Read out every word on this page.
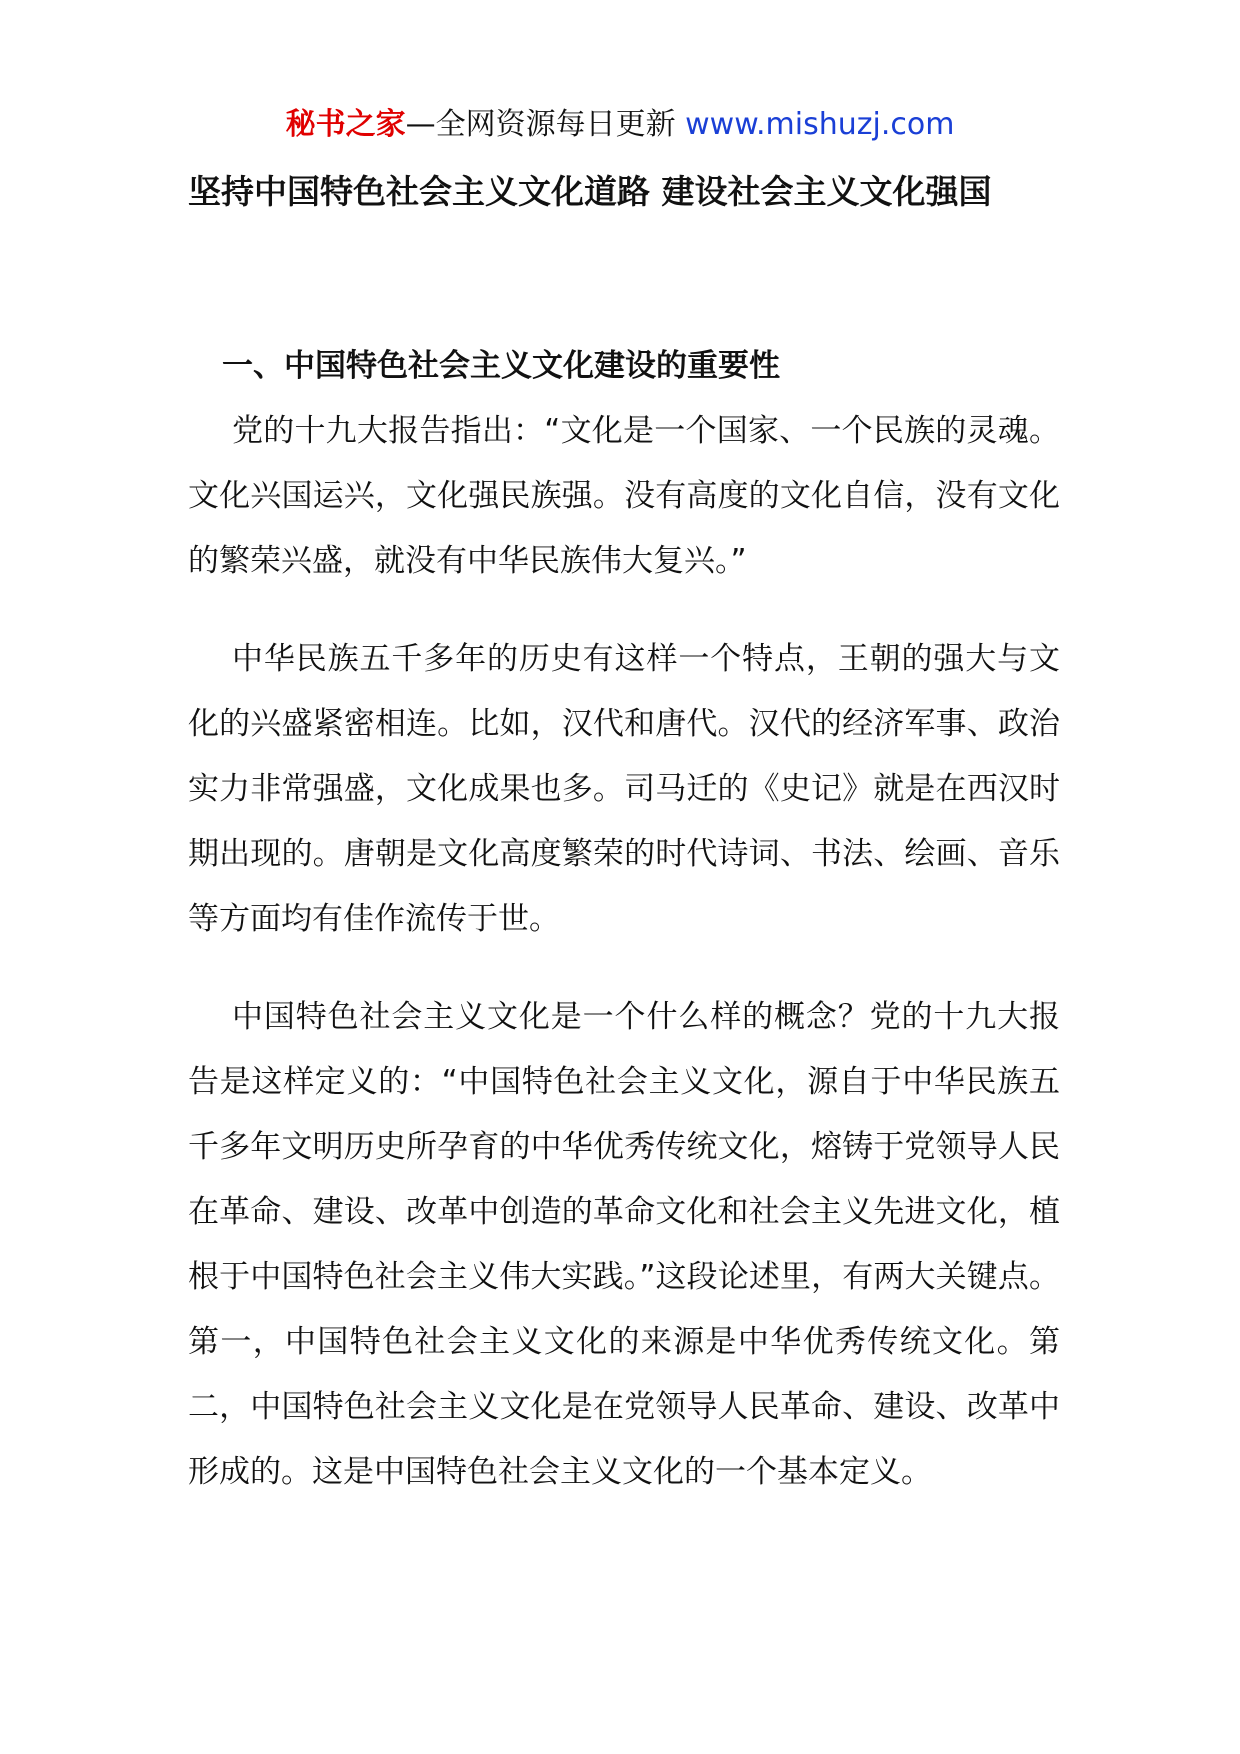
秘书之家—全网资源每日更新 www.mishuzj.com
坚持中国特色社会主义文化道路 建设社会主义文化强国
一、中国特色社会主义文化建设的重要性

党的十九大报告指出：“文化是一个国家、一个民族的灵魂。文化兴国运兴，文化强民族强。没有高度的文化自信，没有文化的繁荣兴盛，就没有中华民族伟大复兴。”

中华民族五千多年的历史有这样一个特点，王朝的强大与文化的兴盛紧密相连。比如，汉代和唐代。汉代的经济军事、政治实力非常强盛，文化成果也多。司马迁的《史记》就是在西汉时期出现的。唐朝是文化高度繁荣的时代诗词、书法、绘画、音乐等方面均有佳作流传于世。

中国特色社会主义文化是一个什么样的概念？党的十九大报告是这样定义的：“中国特色社会主义文化，源自于中华民族五千多年文明历史所孕育的中华优秀传统文化，熔铸于党领导人民在革命、建设、改革中创造的革命文化和社会主义先进文化，植根于中国特色社会主义伟大实践。”这段论述里，有两大关键点。第一，中国特色社会主义文化的来源是中华优秀传统文化。第二，中国特色社会主义文化是在党领导人民革命、建设、改革中形成的。这是中国特色社会主义文化的一个基本定义。
